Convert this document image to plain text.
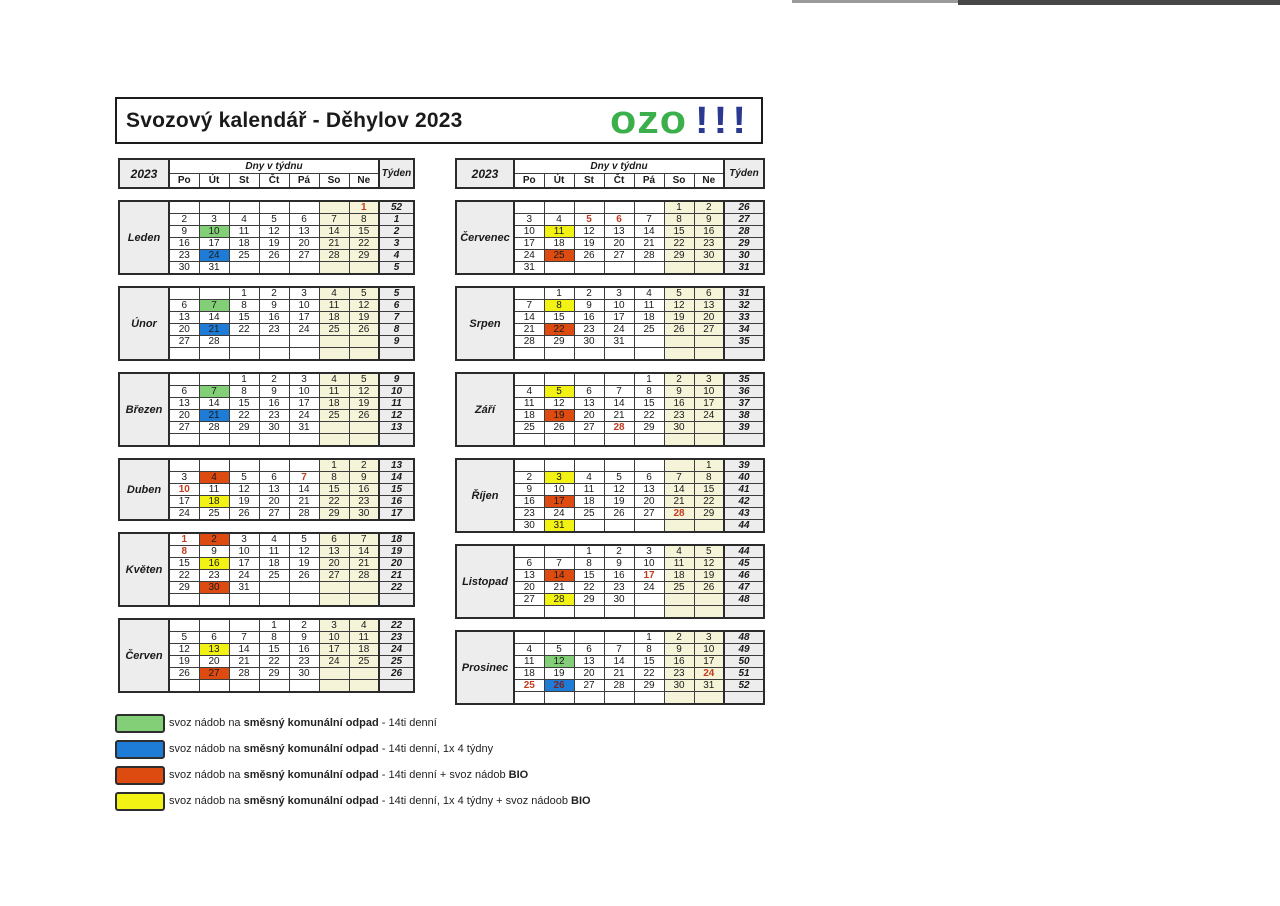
Svozový kalendář - Děhylov 2023	ozo !!!
2023	Dny v týdnu							Týden
	Po	Út	St	Čt	Pá	So	Ne	
Leden							1	52
	2	3	4	5	6	7	8	1
	9	10	11	12	13	14	15	2
	16	17	18	19	20	21	22	3
	23	24	25	26	27	28	29	4
	30	31						5
Únor			1	2	3	4	5	5
	6	7	8	9	10	11	12	6
	13	14	15	16	17	18	19	7
	20	21	22	23	24	25	26	8
	27	28						9

Březen			1	2	3	4	5	9
	6	7	8	9	10	11	12	10
	13	14	15	16	17	18	19	11
	20	21	22	23	24	25	26	12
	27	28	29	30	31			13

Duben						1	2	13
	3	4	5	6	7	8	9	14
	10	11	12	13	14	15	16	15
	17	18	19	20	21	22	23	16
	24	25	26	27	28	29	30	17
Květen	1	2	3	4	5	6	7	18
	8	9	10	11	12	13	14	19
	15	16	17	18	19	20	21	20
	22	23	24	25	26	27	28	21
	29	30	31					22

Červen				1	2	3	4	22
	5	6	7	8	9	10	11	23
	12	13	14	15	16	17	18	24
	19	20	21	22	23	24	25	25
	26	27	28	29	30			26

2023	Dny v týdnu							Týden
	Po	Út	St	Čt	Pá	So	Ne	
Červenec						1	2	26
	3	4	5	6	7	8	9	27
	10	11	12	13	14	15	16	28
	17	18	19	20	21	22	23	29
	24	25	26	27	28	29	30	30
	31							31
Srpen		1	2	3	4	5	6	31
	7	8	9	10	11	12	13	32
	14	15	16	17	18	19	20	33
	21	22	23	24	25	26	27	34
	28	29	30	31				35

Září					1	2	3	35
	4	5	6	7	8	9	10	36
	11	12	13	14	15	16	17	37
	18	19	20	21	22	23	24	38
	25	26	27	28	29	30		39

Říjen							1	39
	2	3	4	5	6	7	8	40
	9	10	11	12	13	14	15	41
	16	17	18	19	20	21	22	42
	23	24	25	26	27	28	29	43
	30	31						44
Listopad			1	2	3	4	5	44
	6	7	8	9	10	11	12	45
	13	14	15	16	17	18	19	46
	20	21	22	23	24	25	26	47
	27	28	29	30				48

Prosinec					1	2	3	48
	4	5	6	7	8	9	10	49
	11	12	13	14	15	16	17	50
	18	19	20	21	22	23	24	51
	25	26	27	28	29	30	31	52

svoz nádob na směsný komunální odpad - 14ti denní
svoz nádob na směsný komunální odpad - 14ti denní, 1x 4 týdny
svoz nádob na směsný komunální odpad - 14ti denní + svoz nádob BIO
svoz nádob na směsný komunální odpad - 14ti denní, 1x 4 týdny + svoz nádoob BIO
